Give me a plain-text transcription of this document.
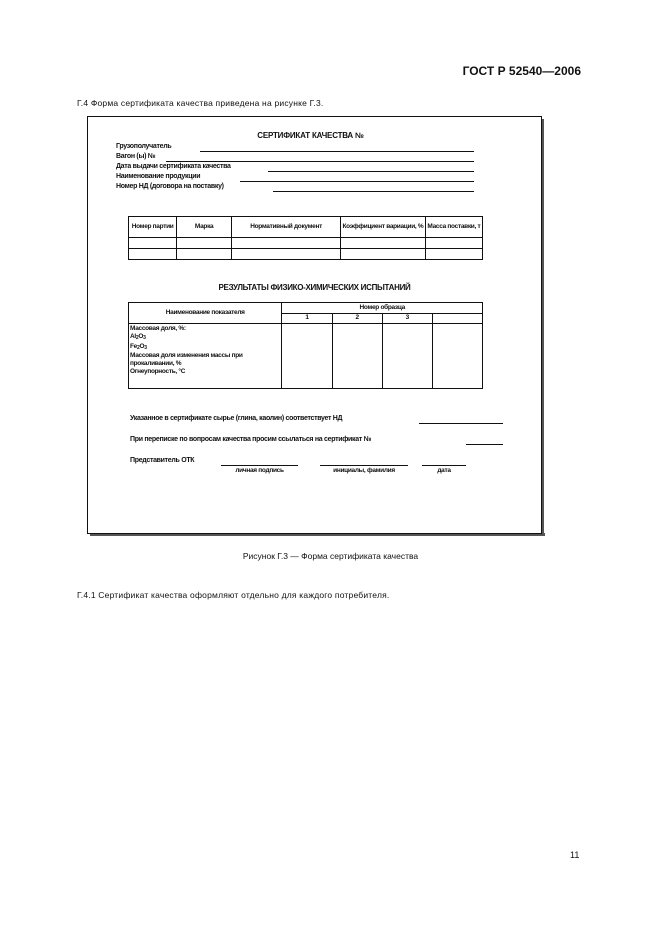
ГОСТ Р 52540—2006
Г.4 Форма сертификата качества приведена на рисунке Г.3.
СЕРТИФИКАТ КАЧЕСТВА №
Грузополучатель
Вагон (ы) №
Дата выдачи сертификата качества
Наименование продукции
Номер НД (договора на поставку)
Номер партии	Марка	Нормативный документ	Коэффициент вариации, %	Масса поставки, т

РЕЗУЛЬТАТЫ ФИЗИКО-ХИМИЧЕСКИХ ИСПЫТАНИЙ
Наименование показателя	Номер образца			
	1	2	3	

Массовая доля, %:
$Al_2O_3$
$Fe_2O_3$
Массовая доля изменения массы при прокаливании, %
Огнеупорность, °С				

Указанное в сертификате сырье (глина, каолин) соответствует НД
При переписке по вопросам качества просим ссылаться на сертификат №
Представитель ОТК
личная подпись	инициалы, фамилия	дата
Рисунок Г.3 — Форма сертификата качества
Г.4.1 Сертификат качества оформляют отдельно для каждого потребителя.
11
